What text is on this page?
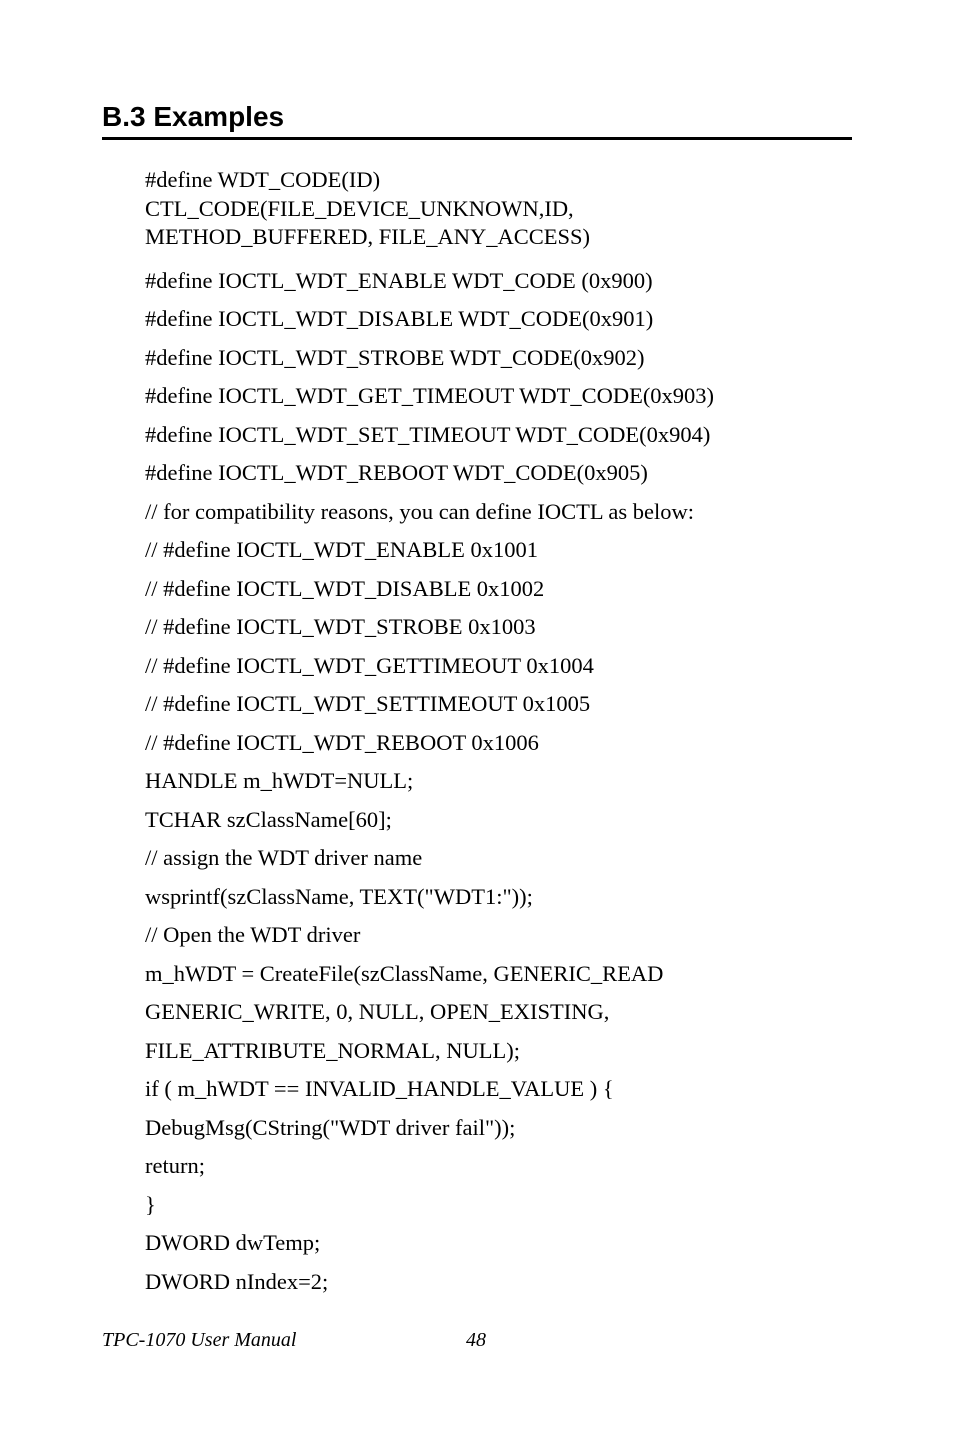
B.3 Examples
#define WDT_CODE(ID)
CTL_CODE(FILE_DEVICE_UNKNOWN,ID,
METHOD_BUFFERED, FILE_ANY_ACCESS)
#define IOCTL_WDT_ENABLE WDT_CODE (0x900)
#define IOCTL_WDT_DISABLE WDT_CODE(0x901)
#define IOCTL_WDT_STROBE WDT_CODE(0x902)
#define IOCTL_WDT_GET_TIMEOUT WDT_CODE(0x903)
#define IOCTL_WDT_SET_TIMEOUT WDT_CODE(0x904)
#define IOCTL_WDT_REBOOT WDT_CODE(0x905)
// for compatibility reasons, you can define IOCTL as below:
// #define IOCTL_WDT_ENABLE 0x1001
// #define IOCTL_WDT_DISABLE 0x1002
// #define IOCTL_WDT_STROBE 0x1003
// #define IOCTL_WDT_GETTIMEOUT 0x1004
// #define IOCTL_WDT_SETTIMEOUT 0x1005
// #define IOCTL_WDT_REBOOT 0x1006
HANDLE m_hWDT=NULL;
TCHAR szClassName[60];
// assign the WDT driver name
wsprintf(szClassName, TEXT("WDT1:"));
// Open the WDT driver
m_hWDT = CreateFile(szClassName, GENERIC_READ
GENERIC_WRITE, 0, NULL, OPEN_EXISTING,
FILE_ATTRIBUTE_NORMAL, NULL);
if ( m_hWDT == INVALID_HANDLE_VALUE ) {
DebugMsg(CString("WDT driver fail"));
return;
}
DWORD dwTemp;
DWORD nIndex=2;
TPC-1070 User Manual	48
